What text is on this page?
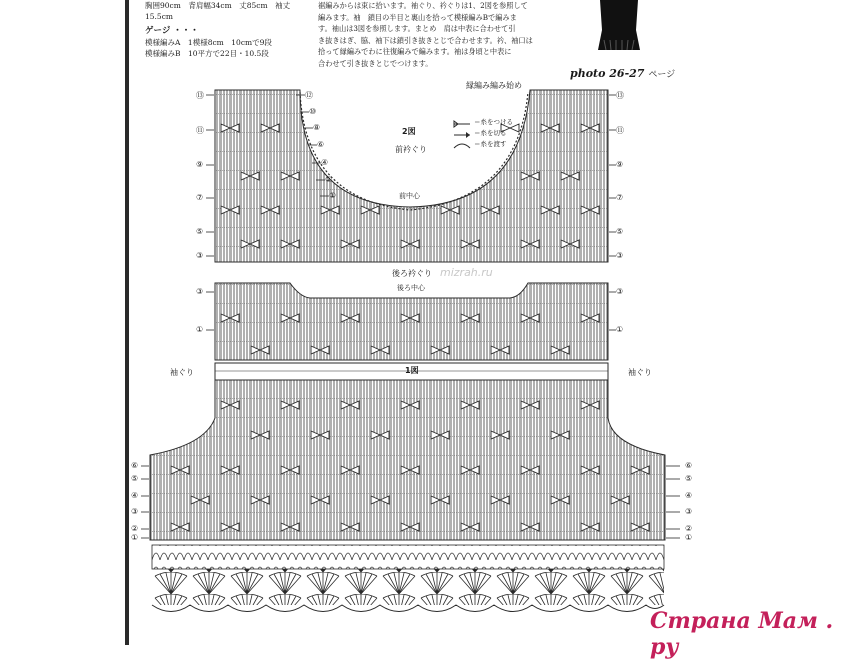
胸囲90cm　背肩幅34cm　丈85cm　袖丈15.5cm
ゲージ ・・・
模様編みA　1模様8cm　10cmで9段
模様編みB　10平方で22目・10.5段
裾編みからは束に拾います。袖ぐり、衿ぐりは1、2図を参照して
編みます。袖　鎖目の半目と裏山を拾って模様編みBで編みま
す。袖山は3図を参照します。まとめ　肩は中表に合わせて引
き抜きはぎ、脇、袖下は鎖引き抜きとじで合わせます。衿、袖口は
拾って縁編みでわに往復編みで編みます。袖は身頃と中表に
合わせて引き抜きとじでつけます。
photo 26-27 ページ
＝糸をつける
＝糸を切る
＝糸を渡す
縁編み編み始め
2図
前衿ぐり
前中心
後ろ衿ぐり
後ろ中心
1図
袖ぐり	袖ぐり
mizrah.ru
Страна Мам . ру
⑬
⑪
⑨
⑦
⑤
③
⑬
⑪
⑨
⑦
⑤
③
⑫
⑩
⑧
⑥
④
②
①
③
①
③
①
⑥
⑤
④
③
②
①
⑥
⑤
④
③
②
①
